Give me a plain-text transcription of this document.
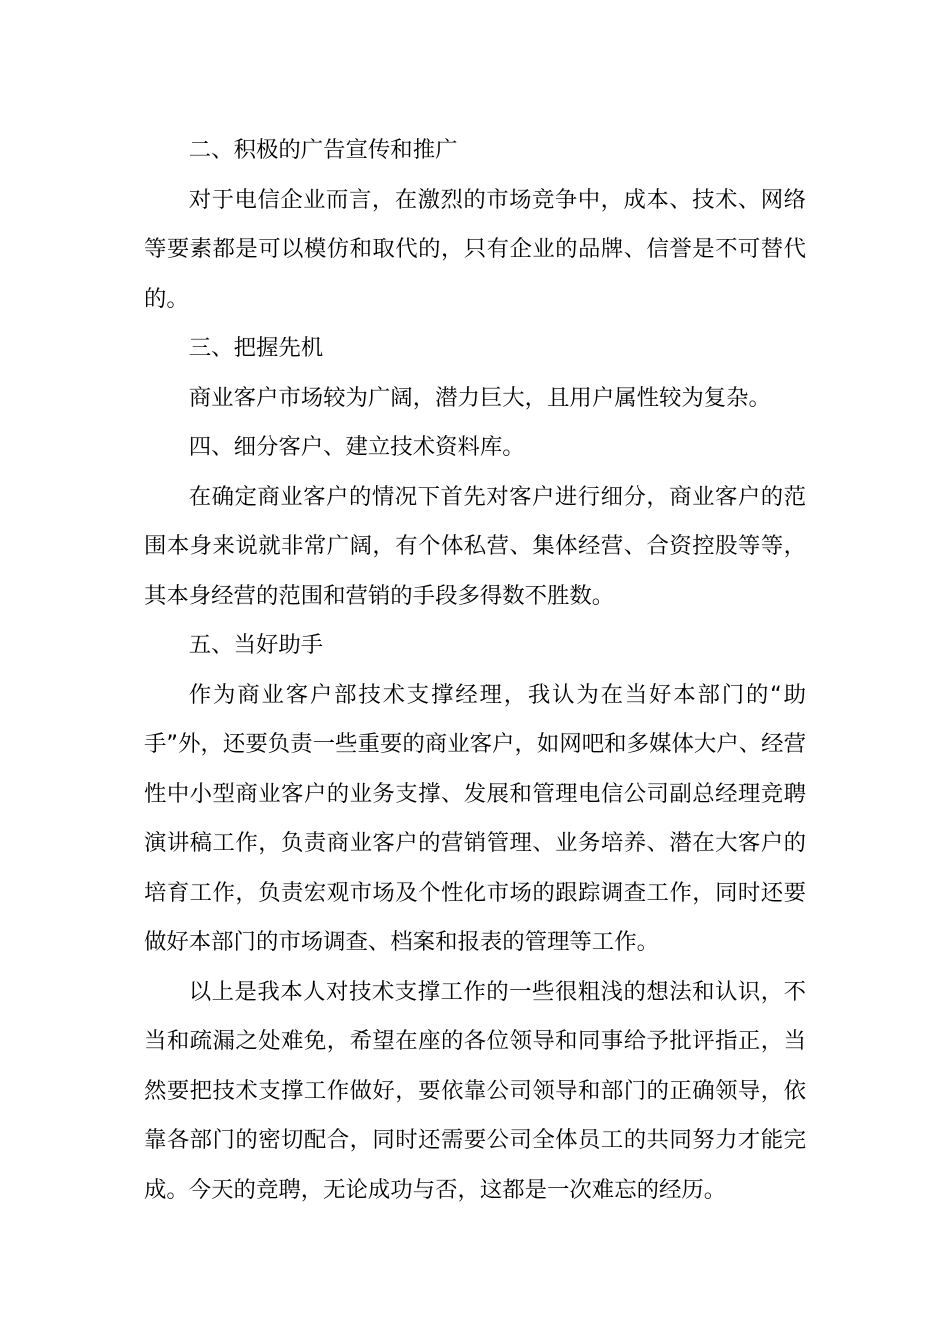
二、积极的广告宣传和推广

对于电信企业而言，在激烈的市场竞争中，成本、技术、网络等要素都是可以模仿和取代的，只有企业的品牌、信誉是不可替代的。

三、把握先机

商业客户市场较为广阔，潜力巨大，且用户属性较为复杂。

四、细分客户、建立技术资料库。

在确定商业客户的情况下首先对客户进行细分，商业客户的范围本身来说就非常广阔，有个体私营、集体经营、合资控股等等，其本身经营的范围和营销的手段多得数不胜数。

五、当好助手

作为商业客户部技术支撑经理，我认为在当好本部门的“助手”外，还要负责一些重要的商业客户，如网吧和多媒体大户、经营性中小型商业客户的业务支撑、发展和管理电信公司副总经理竞聘演讲稿工作，负责商业客户的营销管理、业务培养、潜在大客户的培育工作，负责宏观市场及个性化市场的跟踪调查工作，同时还要做好本部门的市场调查、档案和报表的管理等工作。

以上是我本人对技术支撑工作的一些很粗浅的想法和认识，不当和疏漏之处难免，希望在座的各位领导和同事给予批评指正，当然要把技术支撑工作做好，要依靠公司领导和部门的正确领导，依靠各部门的密切配合，同时还需要公司全体员工的共同努力才能完成。今天的竞聘，无论成功与否，这都是一次难忘的经历。
